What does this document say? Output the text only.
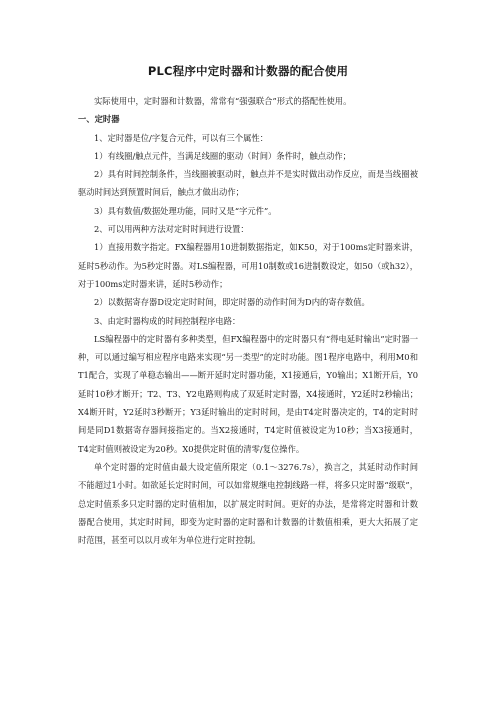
PLC程序中定时器和计数器的配合使用

实际使用中，定时器和计数器，常常有“强强联合”形式的搭配性使用。

一、定时器

1、定时器是位/字复合元件，可以有三个属性：

1）有线圈/触点元件，当满足线圈的驱动（时间）条件时，触点动作；

2）具有时间控制条件，当线圈被驱动时，触点并不是实时做出动作反应，而是当线圈被驱动时间达到预置时间后，触点才做出动作；

3）具有数值/数据处理功能，同时又是“字元件”。

2、可以用两种方法对定时时间进行设置：

1）直接用数字指定。FX编程器用10进制数据指定，如K50，对于100ms定时器来讲，延时5秒动作。为5秒定时器。对LS编程器，可用10制数或16进制数设定，如50（或h32），对于100ms定时器来讲，延时5秒动作；

2）以数据寄存器D设定定时时间，即定时器的动作时间为D内的寄存数值。

3、由定时器构成的时间控制程序电路：

LS编程器中的定时器有多种类型，但FX编程器中的定时器只有“得电延时输出”定时器一种，可以通过编写相应程序电路来实现“另一类型”的定时功能。图1程序电路中，利用M0和T1配合，实现了单稳态输出——断开延时定时器功能，X1接通后，Y0输出；X1断开后，Y0延时10秒才断开；T2、T3、Y2电路则构成了双延时定时器，X4接通时，Y2延时2秒输出；X4断开时，Y2延时3秒断开；Y3延时输出的定时时间，是由T4定时器决定的，T4的定时时间是同D1数据寄存器间接指定的。当X2接通时，T4定时值被设定为10秒；当X3接通时，T4定时值则被设定为20秒。X0提供定时值的清零/复位操作。

单个定时器的定时值由最大设定值所限定（0.1～3276.7s），换言之，其延时动作时间不能超过1小时。如欲延长定时时间，可以如常规继电控制线路一样，将多只定时器“级联”，总定时值系多只定时器的定时值相加，以扩展定时时间。更好的办法，是常将定时器和计数器配合使用，其定时时间，即变为定时器的定时器和计数器的计数值相乘，更大大拓展了定时范围，甚至可以以月或年为单位进行定时控制。
